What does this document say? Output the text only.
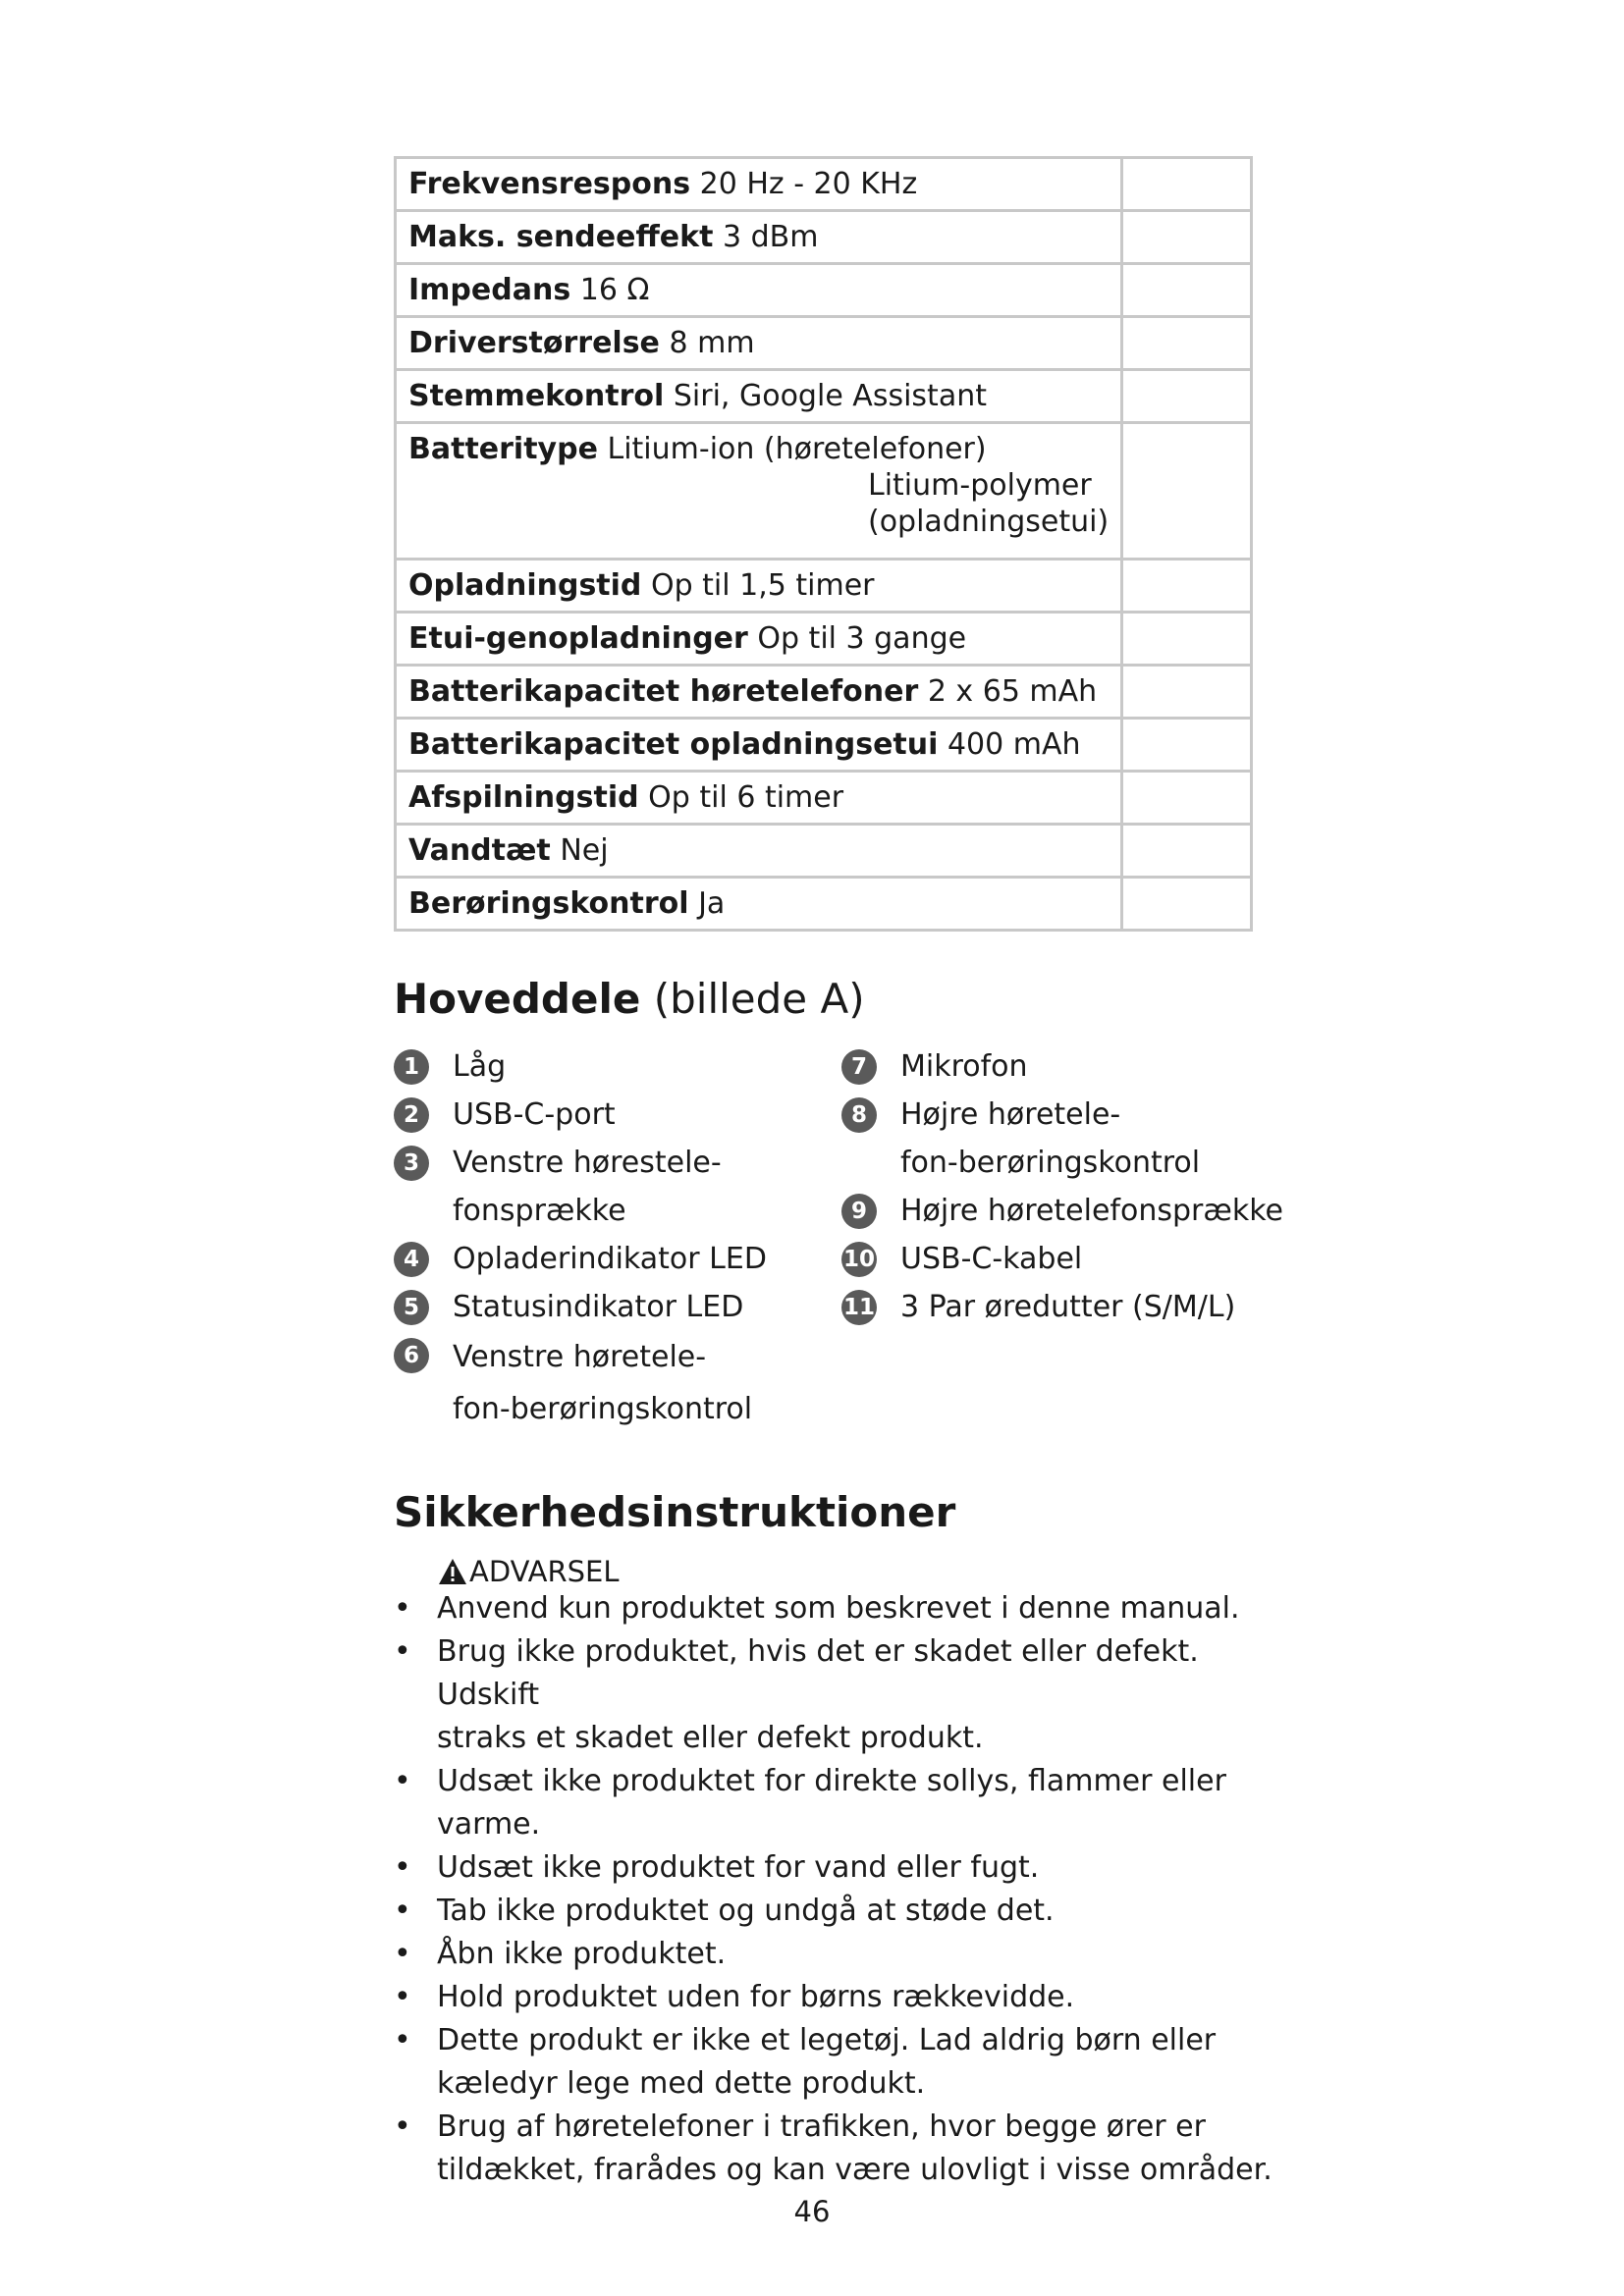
Frekvensrespons 20 Hz - 20 KHz	
Maks. sendeeffekt 3 dBm	
Impedans 16 Ω	
Driverstørrelse 8 mm	
Stemmekontrol Siri, Google Assistant	
Batteritype Litium-ion (høretelefoner)
Litium-polymer
(opladningsetui)	

Opladningstid Op til 1,5 timer	
Etui-genopladninger Op til 3 gange	
Batterikapacitet høretelefoner 2 x 65 mAh	
Batterikapacitet opladningsetui 400 mAh	
Afspilningstid Op til 6 timer	
Vandtæt Nej	
Berøringskontrol Ja	
Hoveddele (billede A)
1	Låg
2	USB-C-port
3	Venstre hørestele-
fonsprække
4	Opladerindikator LED
5	Statusindikator LED
6	Venstre høretele-
fon-berøringskontrol
7	Mikrofon
8	Højre høretele-
fon-berøringskontrol
9	Højre høretelefonsprække
10 USB-C-kabel
11 3 Par øredutter (S/M/L)
Sikkerhedsinstruktioner
ADVARSEL
• Anvend kun produktet som beskrevet i denne manual.
• Brug ikke produktet, hvis det er skadet eller defekt. Udskift
straks et skadet eller defekt produkt.
• Udsæt ikke produktet for direkte sollys, flammer eller varme.
• Udsæt ikke produktet for vand eller fugt.
• Tab ikke produktet og undgå at støde det.
• Åbn ikke produktet.
• Hold produktet uden for børns rækkevidde.
• Dette produkt er ikke et legetøj. Lad aldrig børn eller
kæledyr lege med dette produkt.
• Brug af høretelefoner i trafikken, hvor begge ører er
tildækket, frarådes og kan være ulovligt i visse områder.
46
